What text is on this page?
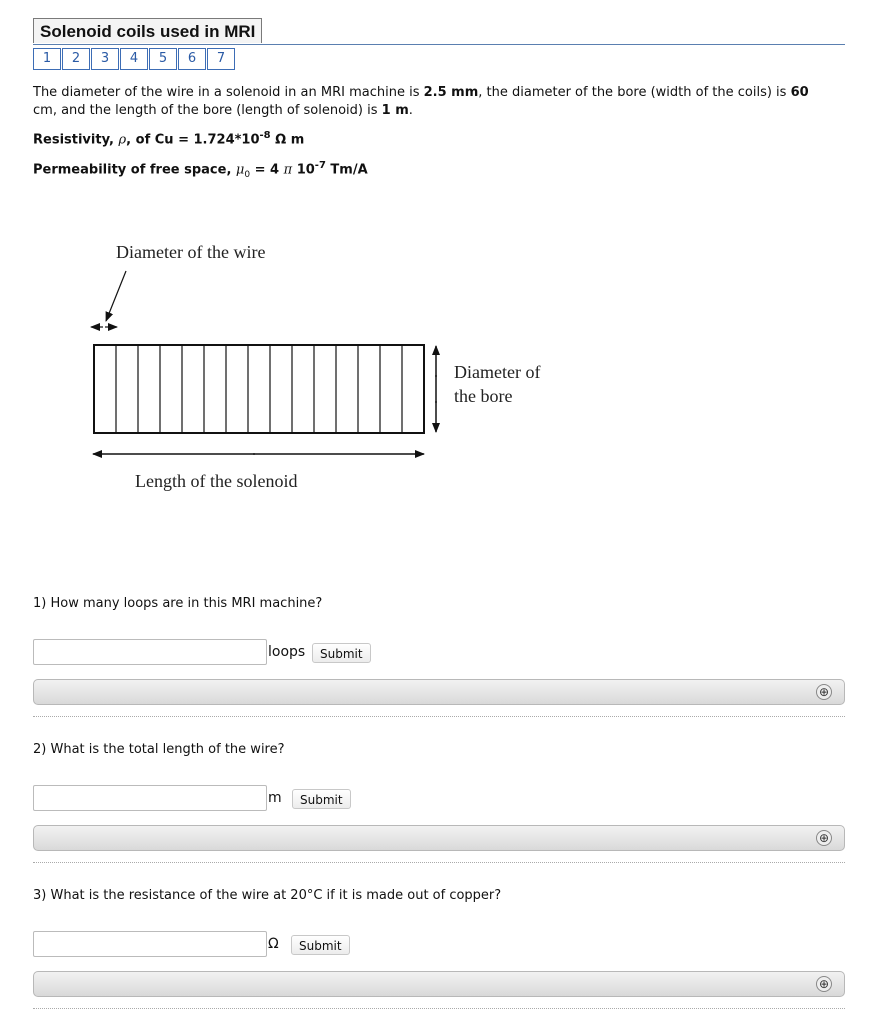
Solenoid coils used in MRI
1	2	3	4	5	6	7
The diameter of the wire in a solenoid in an MRI machine is 2.5 mm, the diameter of the bore (width of the coils) is 60
cm, and the length of the bore (length of solenoid) is 1 m.
Resistivity, ρ, of $Cu = 1.724*10^{-8}$ Ω m
Permeability of free space, $\mu_0 = 4$ π $10^{-7}$ Tm/A
Diameter of the wire
Diameter of
the bore
Length of the solenoid
1) How many loops are in this MRI machine?
loops	Submit
⊕
2) What is the total length of the wire?
m	Submit
⊕
3) What is the resistance of the wire at 20°C if it is made out of copper?
Ω	Submit
⊕
